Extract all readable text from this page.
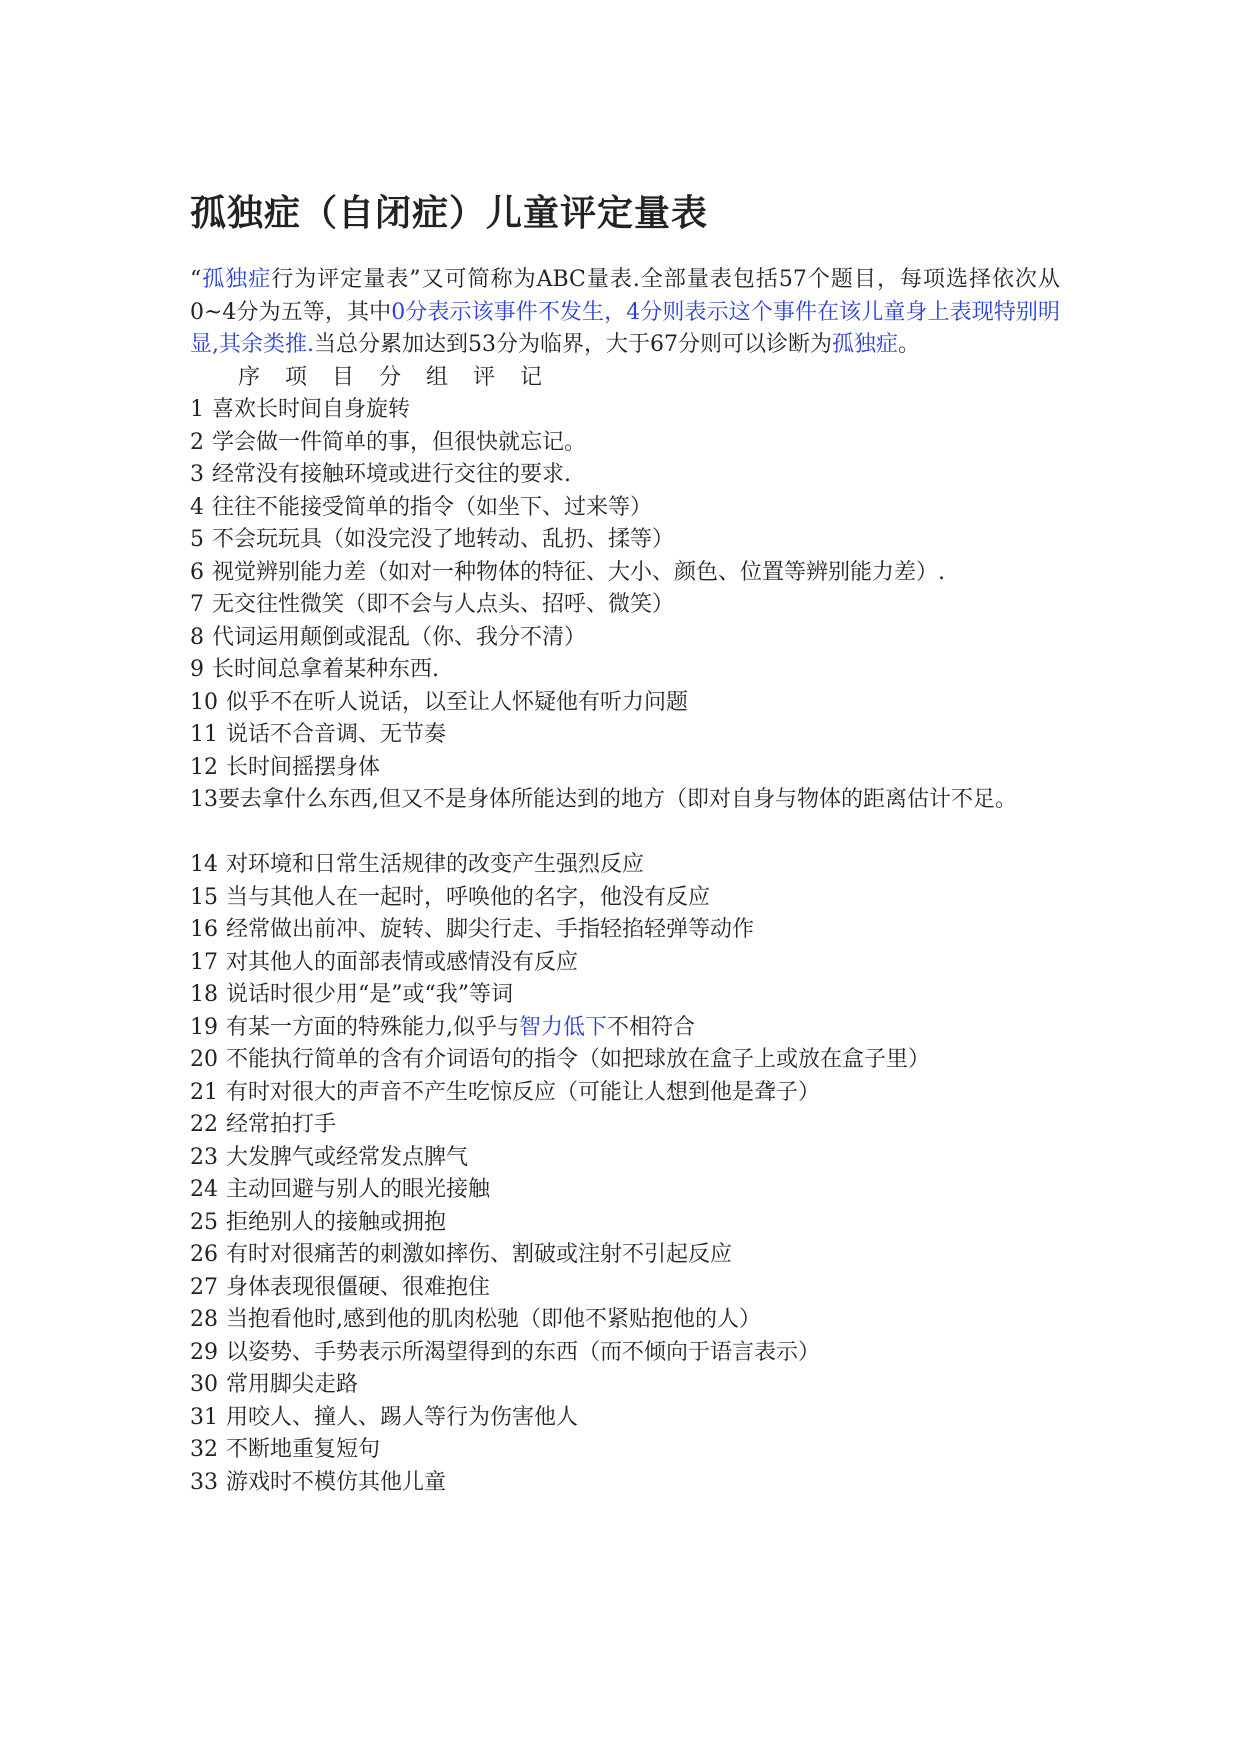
孤独症（自闭症）儿童评定量表

“孤独症行为评定量表”又可简称为ABC量表.全部量表包括57个题目，每项选择依次从0~4分为五等，其中0分表示该事件不发生，4分则表示这个事件在该儿童身上表现特别明显,其余类推.当总分累加达到53分为临界，大于67分则可以诊断为孤独症。

序 项 目 分 组 评 记
1 喜欢长时间自身旋转
2 学会做一件简单的事，但很快就忘记。
3 经常没有接触环境或进行交往的要求.
4 往往不能接受简单的指令（如坐下、过来等）
5 不会玩玩具（如没完没了地转动、乱扔、揉等）
6 视觉辨别能力差（如对一种物体的特征、大小、颜色、位置等辨别能力差）.
7 无交往性微笑（即不会与人点头、招呼、微笑）
8 代词运用颠倒或混乱（你、我分不清）
9 长时间总拿着某种东西.
10 似乎不在听人说话，以至让人怀疑他有听力问题
11 说话不合音调、无节奏
12 长时间摇摆身体

13要去拿什么东西,但又不是身体所能达到的地方（即对自身与物体的距离估计不足。

14 对环境和日常生活规律的改变产生强烈反应
15 当与其他人在一起时，呼唤他的名字，他没有反应
16 经常做出前冲、旋转、脚尖行走、手指轻掐轻弹等动作
17 对其他人的面部表情或感情没有反应
18 说话时很少用“是”或“我”等词

19 有某一方面的特殊能力,似乎与智力低下不相符合

20 不能执行简单的含有介词语句的指令（如把球放在盒子上或放在盒子里）
21 有时对很大的声音不产生吃惊反应（可能让人想到他是聋子）
22 经常拍打手
23 大发脾气或经常发点脾气
24 主动回避与别人的眼光接触
25 拒绝别人的接触或拥抱
26 有时对很痛苦的刺激如摔伤、割破或注射不引起反应
27 身体表现很僵硬、很难抱住
28 当抱看他时,感到他的肌肉松驰（即他不紧贴抱他的人）
29 以姿势、手势表示所渴望得到的东西（而不倾向于语言表示）
30 常用脚尖走路
31 用咬人、撞人、踢人等行为伤害他人
32 不断地重复短句
33 游戏时不模仿其他儿童
